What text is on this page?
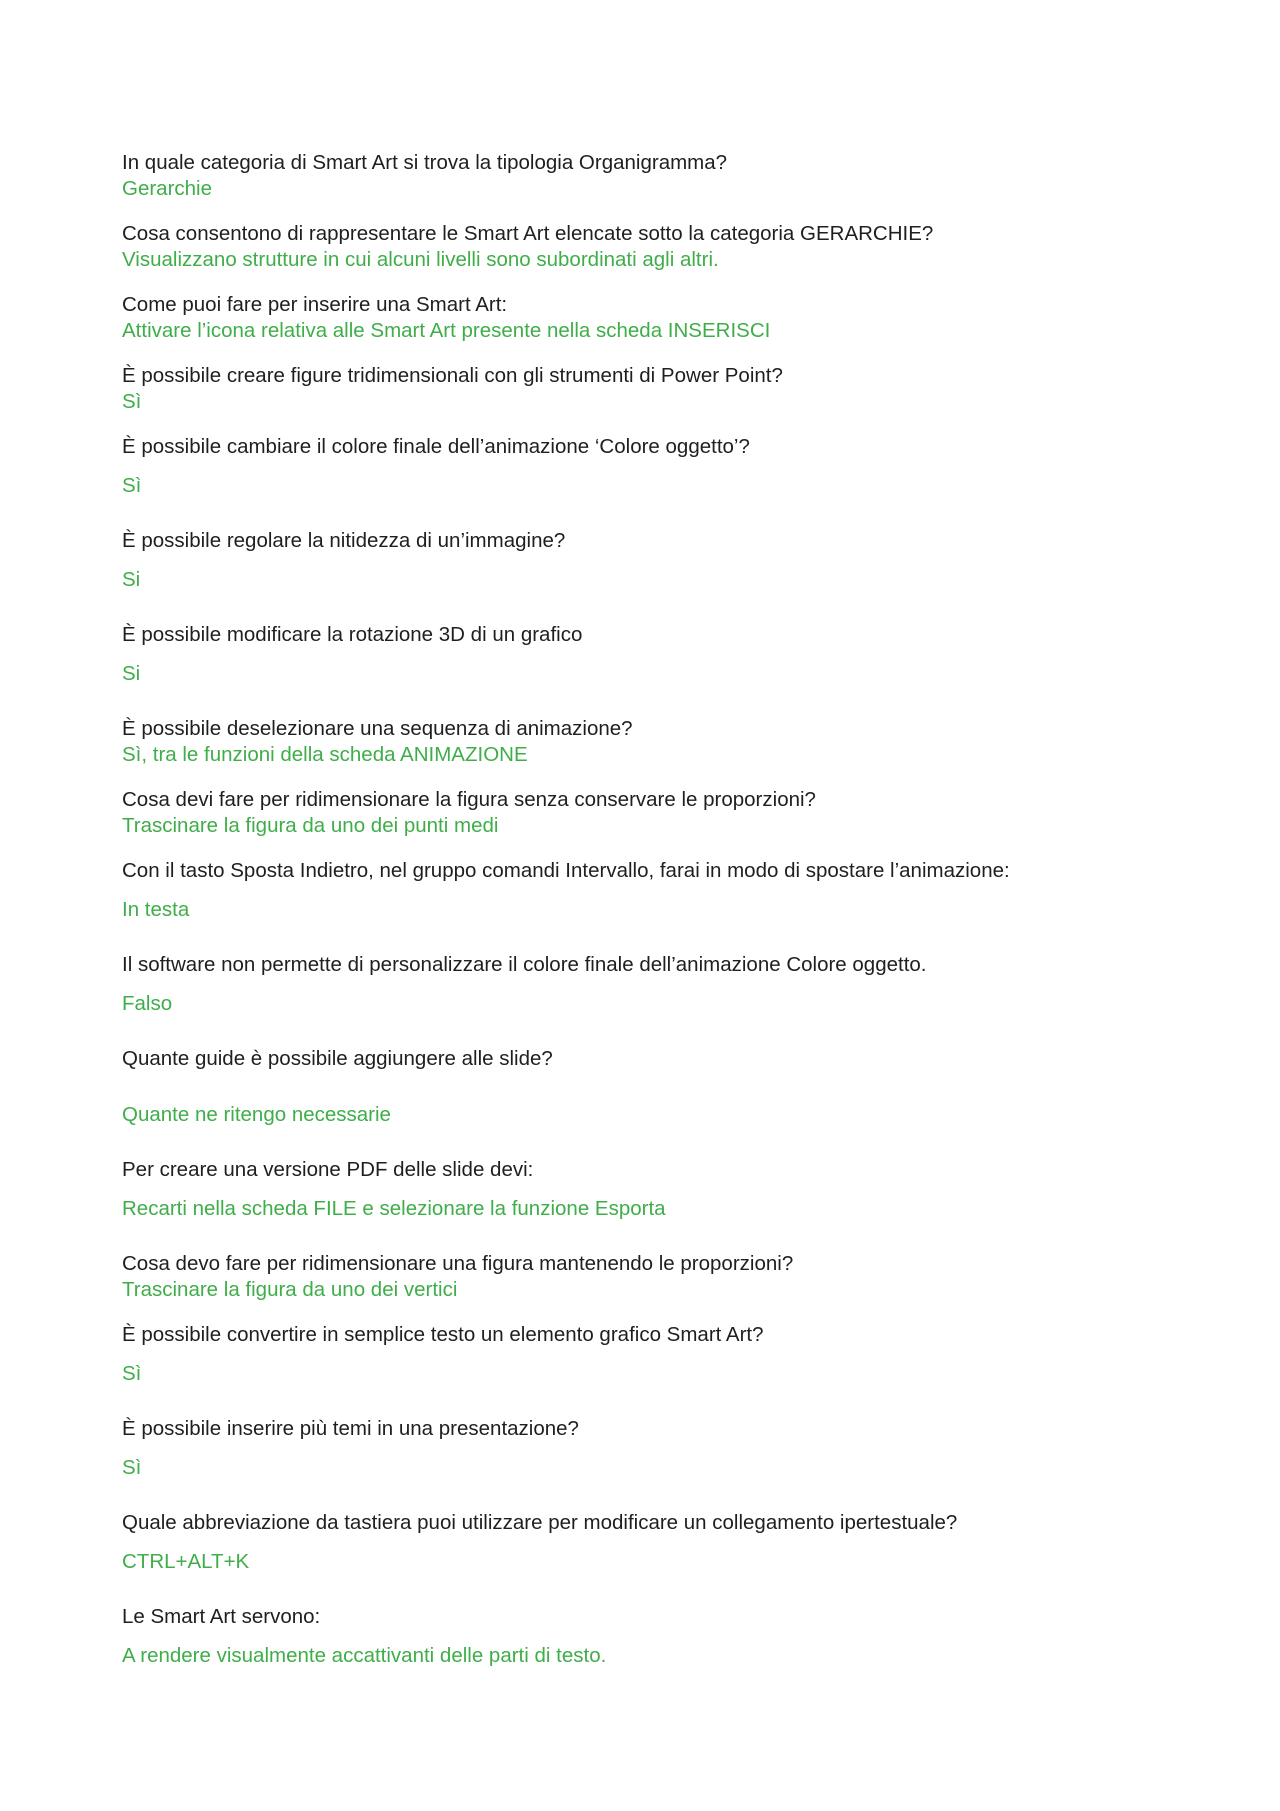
In quale categoria di Smart Art si trova la tipologia Organigramma?
Gerarchie
Cosa consentono di rappresentare le Smart Art elencate sotto la categoria GERARCHIE?
Visualizzano strutture in cui alcuni livelli sono subordinati agli altri.
Come puoi fare per inserire una Smart Art:
Attivare l’icona relativa alle Smart Art presente nella scheda INSERISCI
È possibile creare figure tridimensionali con gli strumenti di Power Point?
Sì
È possibile cambiare il colore finale dell’animazione ‘Colore oggetto’?
Sì
È possibile regolare la nitidezza di un’immagine?
Si
È possibile modificare la rotazione 3D di un grafico
Si
È possibile deselezionare una sequenza di animazione?
Sì, tra le funzioni della scheda ANIMAZIONE
Cosa devi fare per ridimensionare la figura senza conservare le proporzioni?
Trascinare la figura da uno dei punti medi
Con il tasto Sposta Indietro, nel gruppo comandi Intervallo, farai in modo di spostare l’animazione:
In testa
Il software non permette di personalizzare il colore finale dell’animazione Colore oggetto.
Falso
Quante guide è possibile aggiungere alle slide?
Quante ne ritengo necessarie
Per creare una versione PDF delle slide devi:
Recarti nella scheda FILE e selezionare la funzione Esporta
Cosa devo fare per ridimensionare una figura mantenendo le proporzioni?
Trascinare la figura da uno dei vertici
È possibile convertire in semplice testo un elemento grafico Smart Art?
Sì
È possibile inserire più temi in una presentazione?
Sì
Quale abbreviazione da tastiera puoi utilizzare per modificare un collegamento ipertestuale?
CTRL+ALT+K
Le Smart Art servono:
A rendere visualmente accattivanti delle parti di testo.
